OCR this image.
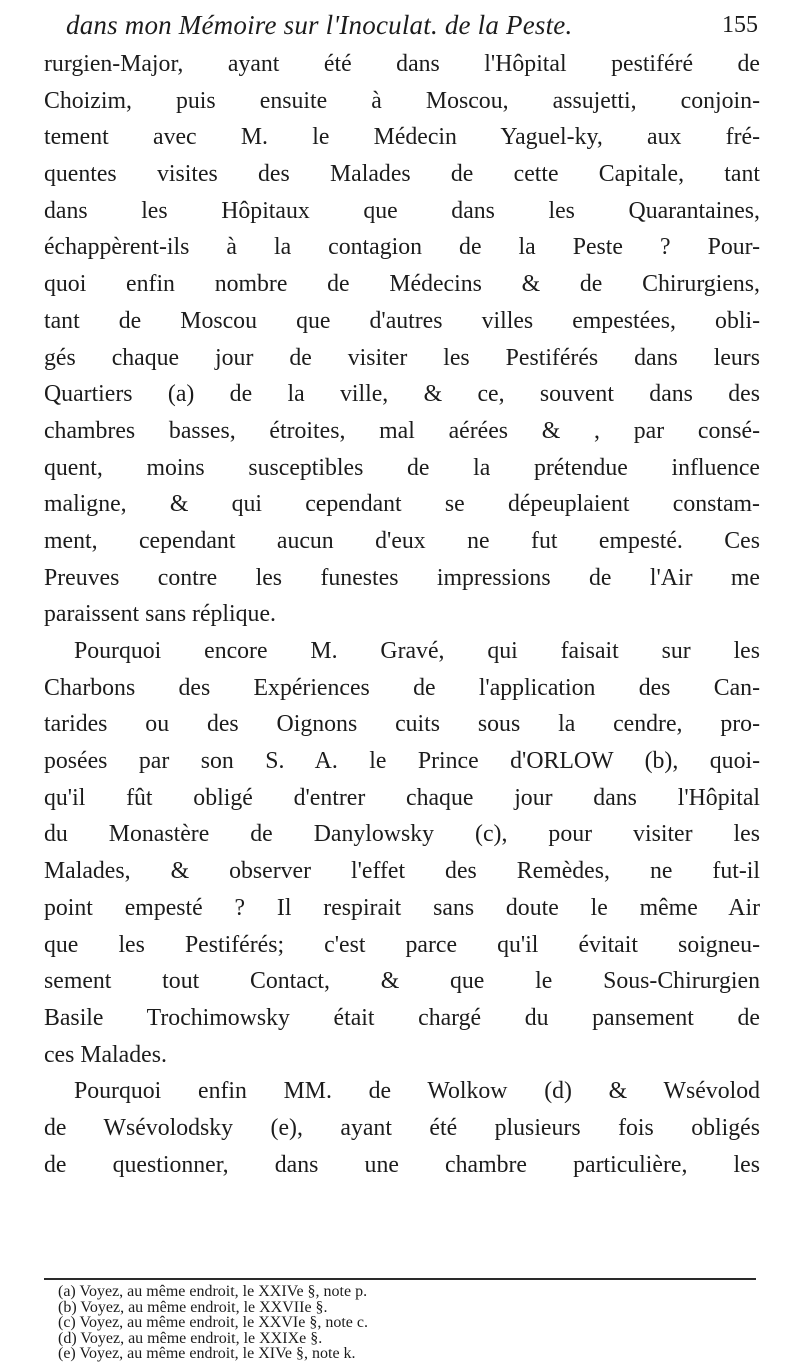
dans mon Mémoire sur l'Inoculat. de la Peste.	155
rurgien-Major, ayant été dans l'Hôpital pestiféré de
Choizim, puis ensuite à Moscou, assujetti, conjoin-
tement avec M. le Médecin Yaguel-ky, aux fré-
quentes visites des Malades de cette Capitale, tant
dans les Hôpitaux que dans les Quarantaines,
échappèrent-ils à la contagion de la Peste ? Pour-
quoi enfin nombre de Médecins & de Chirurgiens,
tant de Moscou que d'autres villes empestées, obli-
gés chaque jour de visiter les Pestiférés dans leurs
Quartiers (a) de la ville, & ce, souvent dans des
chambres basses, étroites, mal aérées & , par consé-
quent, moins susceptibles de la prétendue influence
maligne, & qui cependant se dépeuplaient constam-
ment, cependant aucun d'eux ne fut empesté. Ces
Preuves contre les funestes impressions de l'Air me
paraissent sans réplique.
Pourquoi encore M. Gravé, qui faisait sur les
Charbons des Expériences de l'application des Can-
tarides ou des Oignons cuits sous la cendre, pro-
posées par son S. A. le Prince d'ORLOW (b), quoi-
qu'il fût obligé d'entrer chaque jour dans l'Hôpital
du Monastère de Danylowsky (c), pour visiter les
Malades, & observer l'effet des Remèdes, ne fut-il
point empesté ? Il respirait sans doute le même Air
que les Pestiférés; c'est parce qu'il évitait soigneu-
sement tout Contact, & que le Sous-Chirurgien
Basile Trochimowsky était chargé du pansement de
ces Malades.
Pourquoi enfin MM. de Wolkow (d) & Wsévolod
de Wsévolodsky (e), ayant été plusieurs fois obligés
de questionner, dans une chambre particulière, les
(a) Voyez, au même endroit, le XXIVe §, note p.
(b) Voyez, au même endroit, le XXVIIe §.
(c) Voyez, au même endroit, le XXVIe §, note c.
(d) Voyez, au même endroit, le XXIXe §.
(e) Voyez, au même endroit, le XIVe §, note k.
